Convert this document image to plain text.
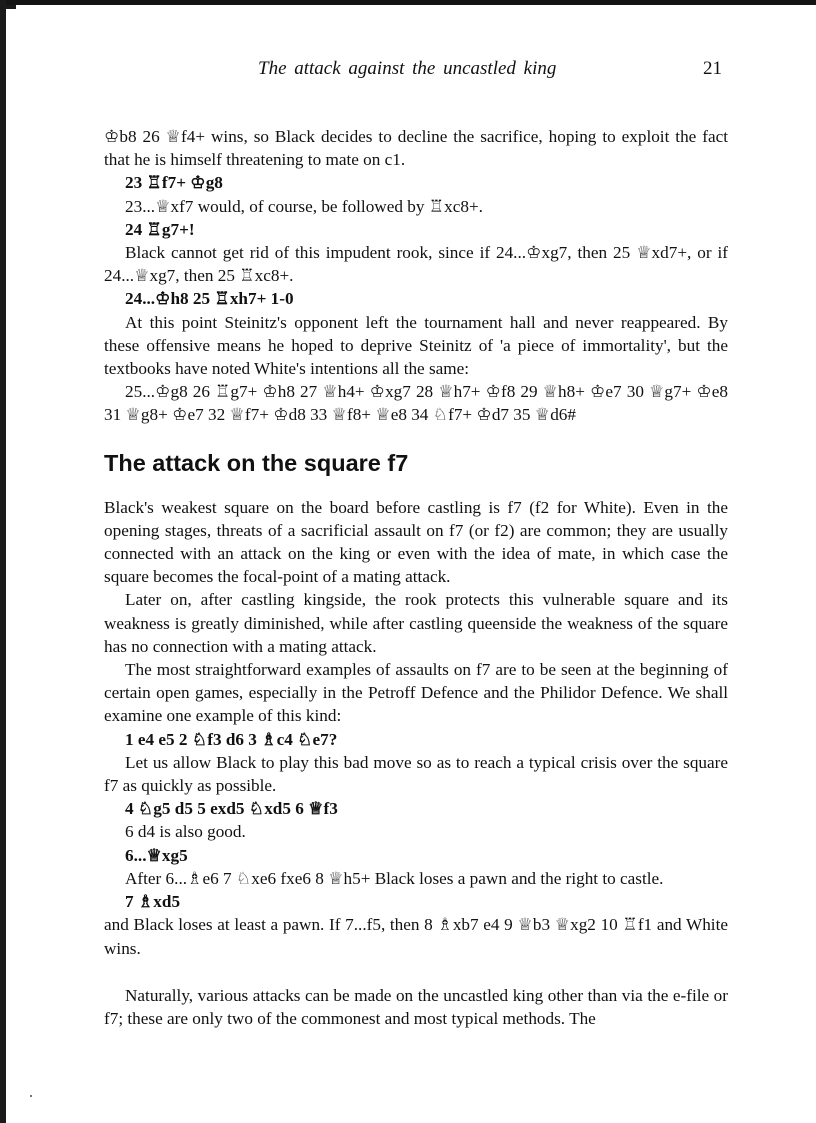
The attack against the uncastled king	21

♔b8 26 ♕f4+ wins, so Black decides to decline the sacrifice, hoping to exploit the fact that he is himself threatening to mate on c1.

23 ♖f7+ ♔g8

23...♕xf7 would, of course, be followed by ♖xc8+.

24 ♖g7+!

Black cannot get rid of this impudent rook, since if 24...♔xg7, then 25 ♕xd7+, or if 24...♕xg7, then 25 ♖xc8+.

24...♔h8 25 ♖xh7+ 1-0

At this point Steinitz's opponent left the tournament hall and never reappeared. By these offensive means he hoped to deprive Steinitz of 'a piece of immortality', but the textbooks have noted White's intentions all the same:

25...♔g8 26 ♖g7+ ♔h8 27 ♕h4+ ♔xg7 28 ♕h7+ ♔f8 29 ♕h8+ ♔e7 30 ♕g7+ ♔e8 31 ♕g8+ ♔e7 32 ♕f7+ ♔d8 33 ♕f8+ ♕e8 34 ♘f7+ ♔d7 35 ♕d6#

The attack on the square f7

Black's weakest square on the board before castling is f7 (f2 for White). Even in the opening stages, threats of a sacrificial assault on f7 (or f2) are common; they are usually connected with an attack on the king or even with the idea of mate, in which case the square becomes the focal-point of a mating attack.

Later on, after castling kingside, the rook protects this vulnerable square and its weakness is greatly diminished, while after castling queenside the weakness of the square has no connection with a mating attack.

The most straightforward examples of assaults on f7 are to be seen at the beginning of certain open games, especially in the Petroff Defence and the Philidor Defence. We shall examine one example of this kind:

1 e4 e5 2 ♘f3 d6 3 ♗c4 ♘e7?

Let us allow Black to play this bad move so as to reach a typical crisis over the square f7 as quickly as possible.

4 ♘g5 d5 5 exd5 ♘xd5 6 ♕f3

6 d4 is also good.

6...♕xg5

After 6...♗e6 7 ♘xe6 fxe6 8 ♕h5+ Black loses a pawn and the right to castle.

7 ♗xd5

and Black loses at least a pawn. If 7...f5, then 8 ♗xb7 e4 9 ♕b3 ♕xg2 10 ♖f1 and White wins.

Naturally, various attacks can be made on the uncastled king other than via the e-file or f7; these are only two of the commonest and most typical methods. The
